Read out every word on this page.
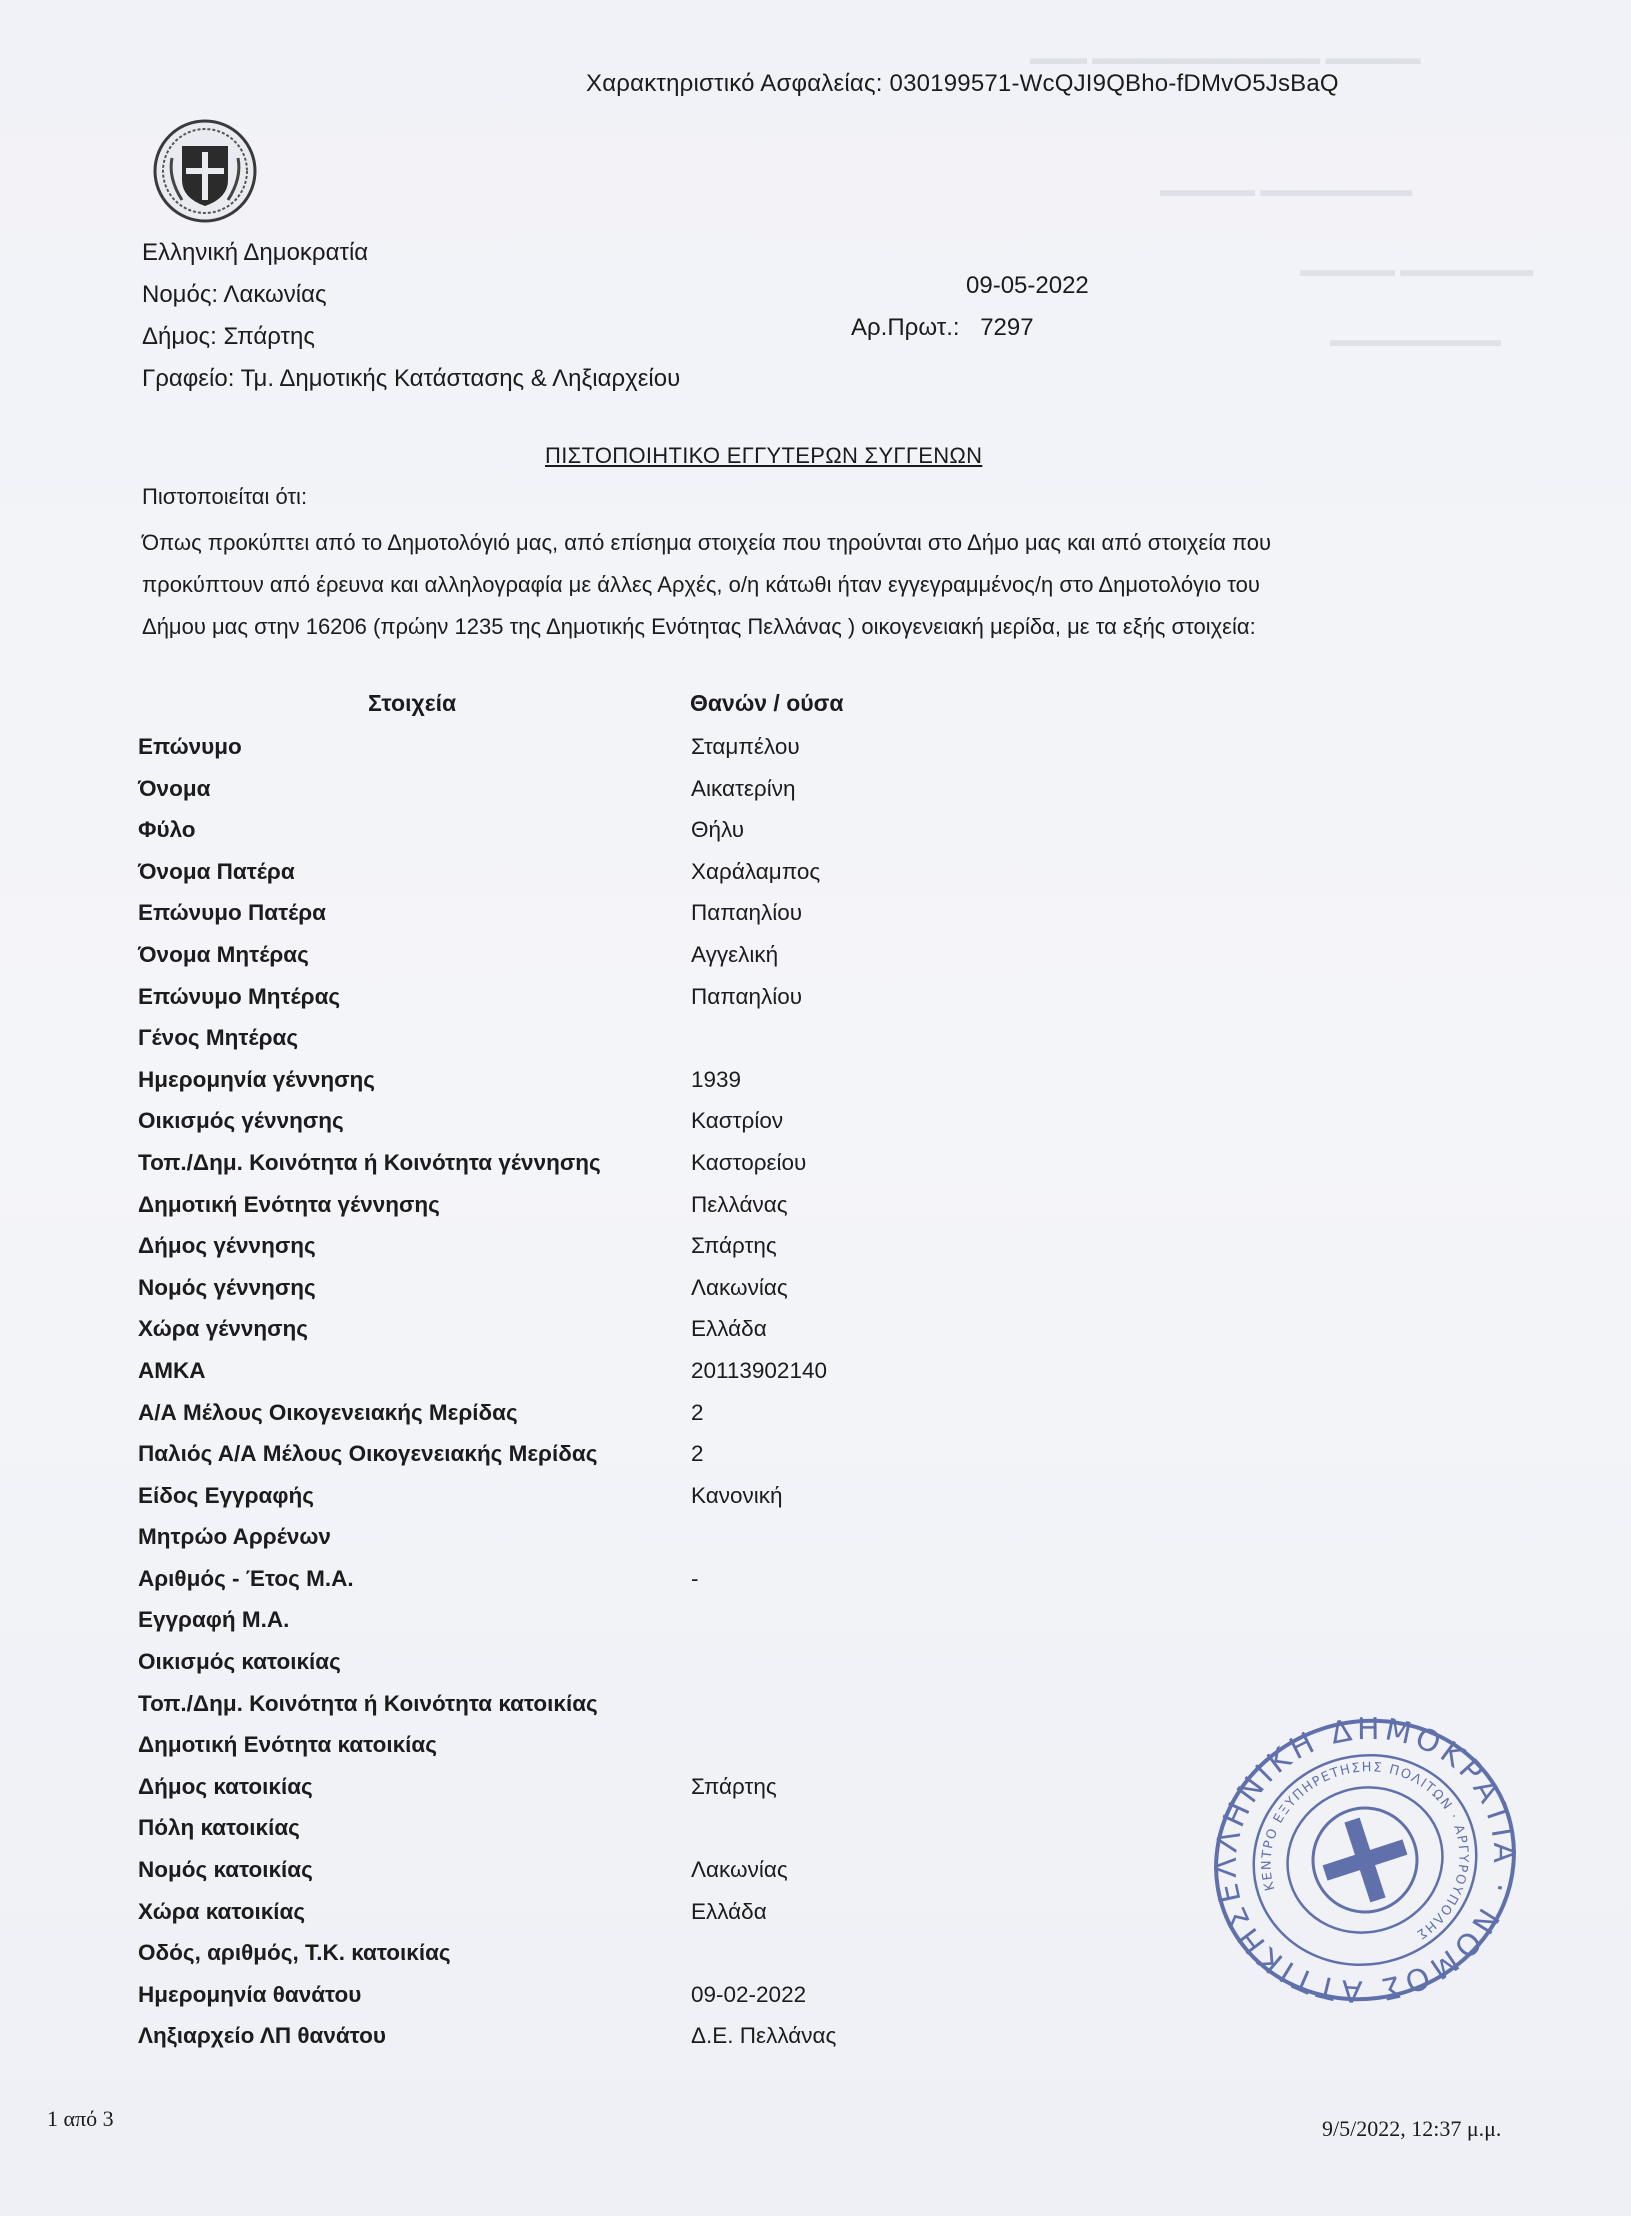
▬▬▬ ▬▬▬▬▬▬▬▬▬▬▬▬ ▬▬▬▬▬
▬▬▬▬▬ ▬▬▬▬▬▬▬▬
▬▬▬▬▬ ▬▬▬▬▬▬▬
▬▬▬▬▬▬▬▬▬
Χαρακτηριστικό Ασφαλείας: 030199571-WcQJI9QBho-fDMvO5JsBaQ
Ελληνική Δημοκρατία
Νομός: Λακωνίας
Δήμος: Σπάρτης
Γραφείο: Τμ. Δημοτικής Κατάστασης & Ληξιαρχείου
09-05-2022
Αρ.Πρωτ.: 7297
ΠΙΣΤΟΠΟΙΗΤΙΚΟ ΕΓΓΥΤΕΡΩΝ ΣΥΓΓΕΝΩΝ
Πιστοποιείται ότι:
Όπως προκύπτει από το Δημοτολόγιό μας, από επίσημα στοιχεία που τηρούνται στο Δήμο μας και από στοιχεία που
προκύπτουν από έρευνα και αλληλογραφία με άλλες Αρχές, ο/η κάτωθι ήταν εγγεγραμμένος/η στο Δημοτολόγιο του
Δήμου μας στην 16206 (πρώην 1235 της Δημοτικής Ενότητας Πελλάνας ) οικογενειακή μερίδα, με τα εξής στοιχεία:
Στοιχεία	Θανών / ούσα
Επώνυμο	Σταμπέλου
Όνομα	Αικατερίνη
Φύλο	Θήλυ
Όνομα Πατέρα	Χαράλαμπος
Επώνυμο Πατέρα	Παπαηλίου
Όνομα Μητέρας	Αγγελική
Επώνυμο Μητέρας	Παπαηλίου
Γένος Μητέρας
Ημερομηνία γέννησης	1939
Οικισμός γέννησης	Καστρίον
Τοπ./Δημ. Κοινότητα ή Κοινότητα γέννησης	Καστορείου
Δημοτική Ενότητα γέννησης	Πελλάνας
Δήμος γέννησης	Σπάρτης
Νομός γέννησης	Λακωνίας
Χώρα γέννησης	Ελλάδα
ΑΜΚΑ	20113902140
Α/Α Μέλους Οικογενειακής Μερίδας	2
Παλιός Α/Α Μέλους Οικογενειακής Μερίδας	2
Είδος Εγγραφής	Κανονική
Μητρώο Αρρένων
Αριθμός - Έτος Μ.Α.	-
Εγγραφή Μ.Α.
Οικισμός κατοικίας
Τοπ./Δημ. Κοινότητα ή Κοινότητα κατοικίας
Δημοτική Ενότητα κατοικίας
Δήμος κατοικίας	Σπάρτης
Πόλη κατοικίας
Νομός κατοικίας	Λακωνίας
Χώρα κατοικίας	Ελλάδα
Οδός, αριθμός, Τ.Κ. κατοικίας
Ημερομηνία θανάτου	09-02-2022
Ληξιαρχείο ΛΠ θανάτου	Δ.Ε. Πελλάνας
ΕΛΛΗΝΙΚΗ ΔΗΜΟΚΡΑΤΙΑ · ΝΟΜΟΣ ΑΤΤΙΚΗΣ
ΚΕΝΤΡΟ ΕΞΥΠΗΡΕΤΗΣΗΣ ΠΟΛΙΤΩΝ · ΑΡΓΥΡΟΥΠΟΛΗΣ
1 από 3	9/5/2022, 12:37 μ.μ.
